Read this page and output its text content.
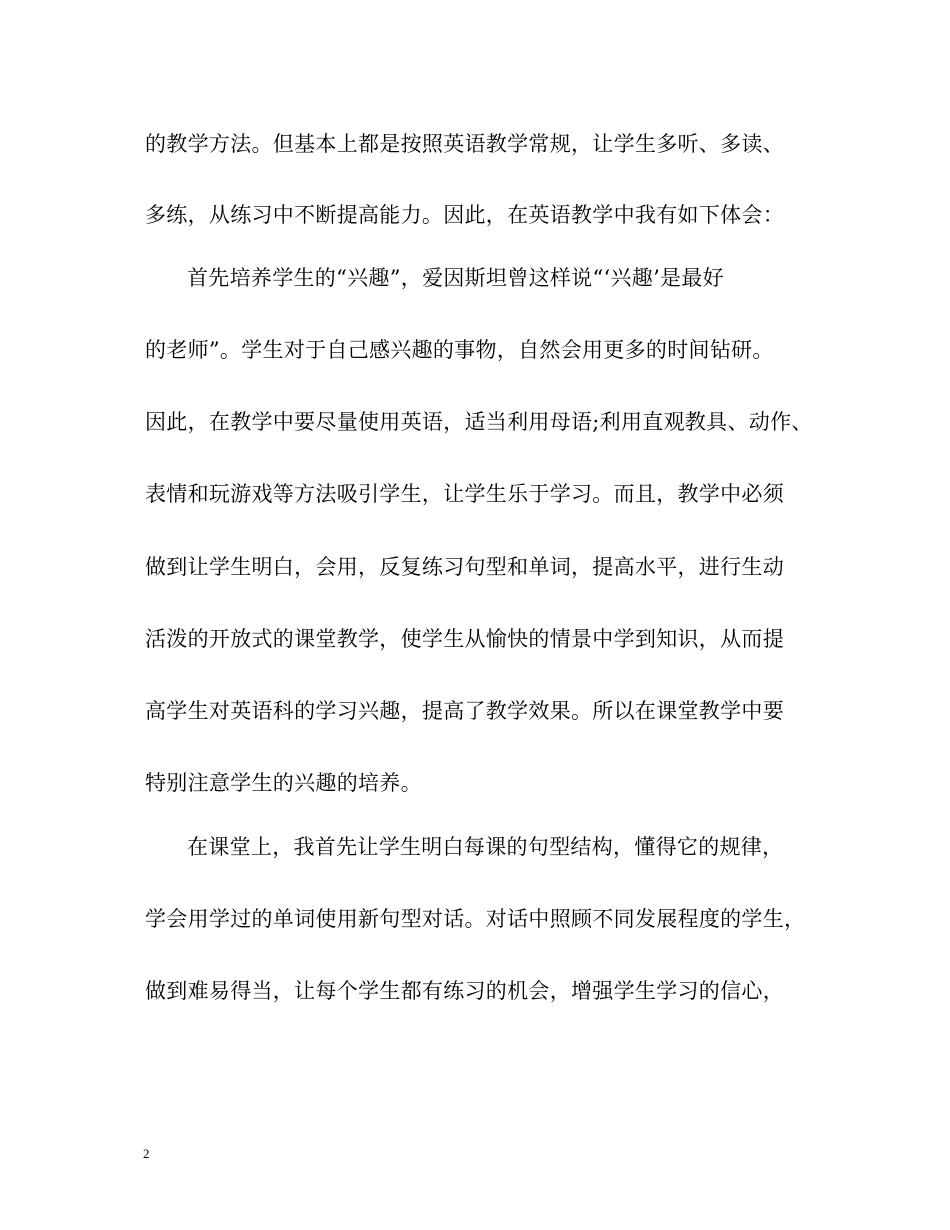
的教学方法。但基本上都是按照英语教学常规，让学生多听、多读、
多练，从练习中不断提高能力。因此，在英语教学中我有如下体会：
首先培养学生的“兴趣”，爱因斯坦曾这样说“‘兴趣’是最好
的老师”。学生对于自己感兴趣的事物，自然会用更多的时间钻研。
因此，在教学中要尽量使用英语，适当利用母语;利用直观教具、动作、
表情和玩游戏等方法吸引学生，让学生乐于学习。而且，教学中必须
做到让学生明白，会用，反复练习句型和单词，提高水平，进行生动
活泼的开放式的课堂教学，使学生从愉快的情景中学到知识，从而提
高学生对英语科的学习兴趣，提高了教学效果。所以在课堂教学中要
特别注意学生的兴趣的培养。
在课堂上，我首先让学生明白每课的句型结构，懂得它的规律，
学会用学过的单词使用新句型对话。对话中照顾不同发展程度的学生，
做到难易得当，让每个学生都有练习的机会，增强学生学习的信心，
2
